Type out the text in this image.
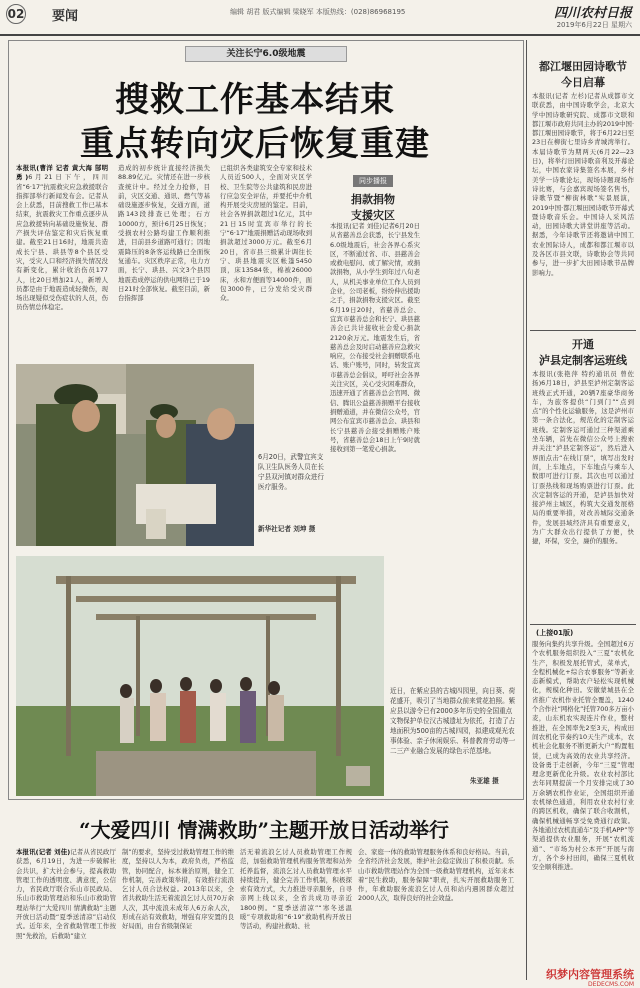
02 要闻	编辑 胡君 版式编辑 梁晓军 本版热线：(028)86968195	四川农村日报
2019年6月22日 星期六
关注长宁6.0级地震
搜救工作基本结束
重点转向灾后恢复重建
本报讯(曹洋 记者 黄大海 郜明勇)6月21日下午，四川省“6·17”抗震救灾应急救援联合指挥部举行新闻发布会。记者从会上获悉，目前搜救工作已基本结束，抗震救灾工作重点逐步从应急救援转向基础设施恢复、群产损失评估鉴定和灾后恢复重建。截至21日16时，地震共造成长宁县、珙县等8个县区受灾，受灾人口和经济损失情况没有新变化，累计收治伤员177人，比20日增加21人，新增人员都是由于地震造成轻微伤，现场出现疑似受伤症状的人员，伤员伤情总体稳定。
造成的初步统计直接经济损失88.89亿元。灾情还在进一步核查统计中。经过全力抢修，目前，灾区交通、通讯、燃气等基础设施逐步恢复，交通方面，道路143段排查已处理；石方10000方，预计6月25日恢复；受损农村公路均建工作顺利推进，目前县乡道路可通行；因地震降压的8条客运线路已全面恢复通车。灾区秩序正常，电力方面，长宁、珙县、兴文3个县因地震造成停运的供电网络已于19日21时全部恢复。截至目前，新台指挥部
已组织各类建筑安全专家和技术人员近500人，全面对灾区学校、卫生院等公共建筑和民房进行应急安全评估，并要托中介机构开展受灾房屋的鉴定。目前，社会各界捐款超过1亿元，其中21日15时宣宾市举行的长宁“6·17”地震捐赠活动现场收到捐款超过3000万元。截至6月20日，省市县三级累计调往长宁、珙县地震灾区帐篷5450顶，床13584张，棉被26000床，水和方便面等14000件，面包3000件，已分发给受灾群众。
同步播报
捐款捐物
支援灾区
本报讯(记者 刘佳)记者6月20日从省慈善总会获悉，长宁县发生6.0级地震后，社会各界心系灾区，不断通过省、市、县慈善会或救电慰问、或了解灾情，或捐款捐物，从小学生到年过八旬老人，从机关事业单位工作人员到企业，公司老板，纷纷伸出援助之手，捐款捐物支援灾区。截至6月19日20时，省慈善总会、宜宾市慈善总会和长宁、珙县慈善会已共计接收社会爱心捐款2120余万元。地震发生后，省慈善总会及时启动慈善应急救灾响应，公布接受社会捐赠联系电话、账户账号，同时，转发宜宾市慈善总会倡议，呼吁社会各界关注灾区，关心受灾困难群众，迅速开通了省慈善总会官网、微信、腾讯公益慈善捐赠平台接收捐赠通道，并在微信公众号，官网公布宜宾市慈善总会、珙县和长宁县慈善会接受捐赠账户账号，省慈善总会18日上午9时就接收到第一笔爱心捐款。
6月20日，武警宜宾支队卫生队医务人员在长宁县双河镇对群众进行医疗服务。
新华社记者 刘坤 摄
近日，在紫应县的古城四园里，向日葵、荷花盛开，吸引了当地群众前来赏花拍照。紫应县以游令已有2000多年历史的全国重点文物保护单位汉古城遗址为依托，打造了占地面积为500亩的古城四园，拟建成观光农事体验、亲子休闲娱乐、科普教育劳动等一二三产业融合发展的绿色示范基地。
朱亚雄 摄
“大爱四川 情满救助”主题开放日活动举行
本报讯(记者 刘佳)记者从省民政厅获悉，6月19日，为进一步破解社会共识，扩大社会参与，提高救助管理工作的透明度、满意度，公信力，省民政厅联合乐山市民政局、乐山市救助管理站和乐山市救助管理站举行“大爱四川 情满救助”主题开放日活动暨“夏季送清凉”启动仪式。近年来，全省救助管理工作按照“先救治，后救助”建立
制”的要求，坚持受过救助管理工作的维度，坚持以人为本，政府负责，严格监管，协同配合，标本兼治原则，健全工作机制，完善政策举措，有效推行流浪乞讨人员合法权益。2013年以来，全省共救助生活无着流浪乞讨人员70万余人次，其中流浪未成年人6万余人次，形成在站有效救助，增强有序安置的良好局面，由台省级制保证
活无着流浪乞讨人员救助管理工作规范，加强救助管理机构服务管理和站外托养监督，流浪乞讨人员救助管理水平持续提升，健全完善工作机制，积极探索有效方式，大力推进寻亲服务，自寻亲网上线以来，全省共成功寻亲近1800例。“夏季送清凉”“寒冬送温暖”专项救助和“6·19”救助机构开放日等活动，构建社救助、社
会、家庭一体的救助管理服务体系和良好格局。当前，全省经济社会发展，维护社会稳定做出了积极贡献。乐山市救助管理站作为全国一级救助管理机构，近年来本着“民生救助，服务保障”职责，扎实开展救助服务工作，年救助服务流浪乞讨人员和站内遇困群众超过2000人次，取得良好的社会效益。
都江堰田园诗歌节
今日启幕
本报讯(记者 左杉)记者从成都市文联获悉，由中国诗歌学会，北京大学中国诗歌研究院、成都市文联和都江堰市政府共同主办的2019中国·都江堰田园诗歌节，将于6月22日至23日在柳街七里诗乡青城湾举行。本届诗歌节为期两天(6月22—23日)，将举行田园诗歌音利及开幕论坛，中国农家诗集签名本展，乡村美学一诗歌论坛，现场诗题现场作诗比赛，与会嘉宾现场签名售书，诗歌节暨“柳街林歌”实景展演，2019中国·都江堰田园诗歌节开幕式暨诗歌音乐会。中国诗人采风活动，田园诗歌大讲堂讲座等活动。据悉，今年诗歌节还将邀请中国工农业国际诗人，成都和都江堰市以及各区市县文联，诗歌协会等共同参与，进一步扩大田园诗歌节品牌影响力。
开通
泸县定制客运班线
本报讯(张艳萍 特约通讯员 曾佐扬)6月18日，泸县至泸州定制客运班线正式开通，20辆7座豪华商务车，为旅客提供“门到门”“点到点”的个性化运输服务，这是泸州市第一条合法化，规范化的定制客运班线。定制客运可通过三种渠道乘坐车辆，首先在微信公众号上搜索并关注“泸县定制客运”，然后进入界面点击“在线订票”，填写出发时间，上车地点，下车地点与乘车人数即可进行订票。其次也可以通过订票热线和现场购票进行订票。此次定制客运的开通，是泸县加快对接泸州主城区，构筑大交通发展格局的重要举措，对改善城际交通条件，发展县域经济具有重要意义，为广大群众出行提供了方便，快捷，环保，安全，廉价的服务。
(上接01版)
服务向集约共享升级。全国超过6万个农机服务组织投入“三夏”农机化生产，积极发展托管式，菜单式，全程机械化+综合农事服务“等新业态新模式，帮助农户轻松实现机械化，规模化种田。安徽蒙城县在全省推广农机作业托管全覆盖，1240个合作社“网格化”托管700多万亩小麦，山东机农实现连片作业，整村推进，在全国率先2至3天，构成田间农机化节奏约10天生产成本，农机社会化服务不断更新大户“购置租赁，已成为高效的农业共享经济。设备勇于走创新，今年“三夏”管理理念更新优化升级。农业农村部比去年同期提前一个月安排完成了30万余辆农机作业证，全国组织开通农机绿色通道，利用农业农村行业的跨区机收，确保了联合收割机，确保机械通畅享受免费通行政策。各地通过农机直通车“及手机APP”等渠道提供农业服务，开展“农机流通”、“市场为村公本开”开展与南方，各个乡村田间，确保三夏机收安全顺利推进。
织梦内容管理系统
DEDECMS.COM
